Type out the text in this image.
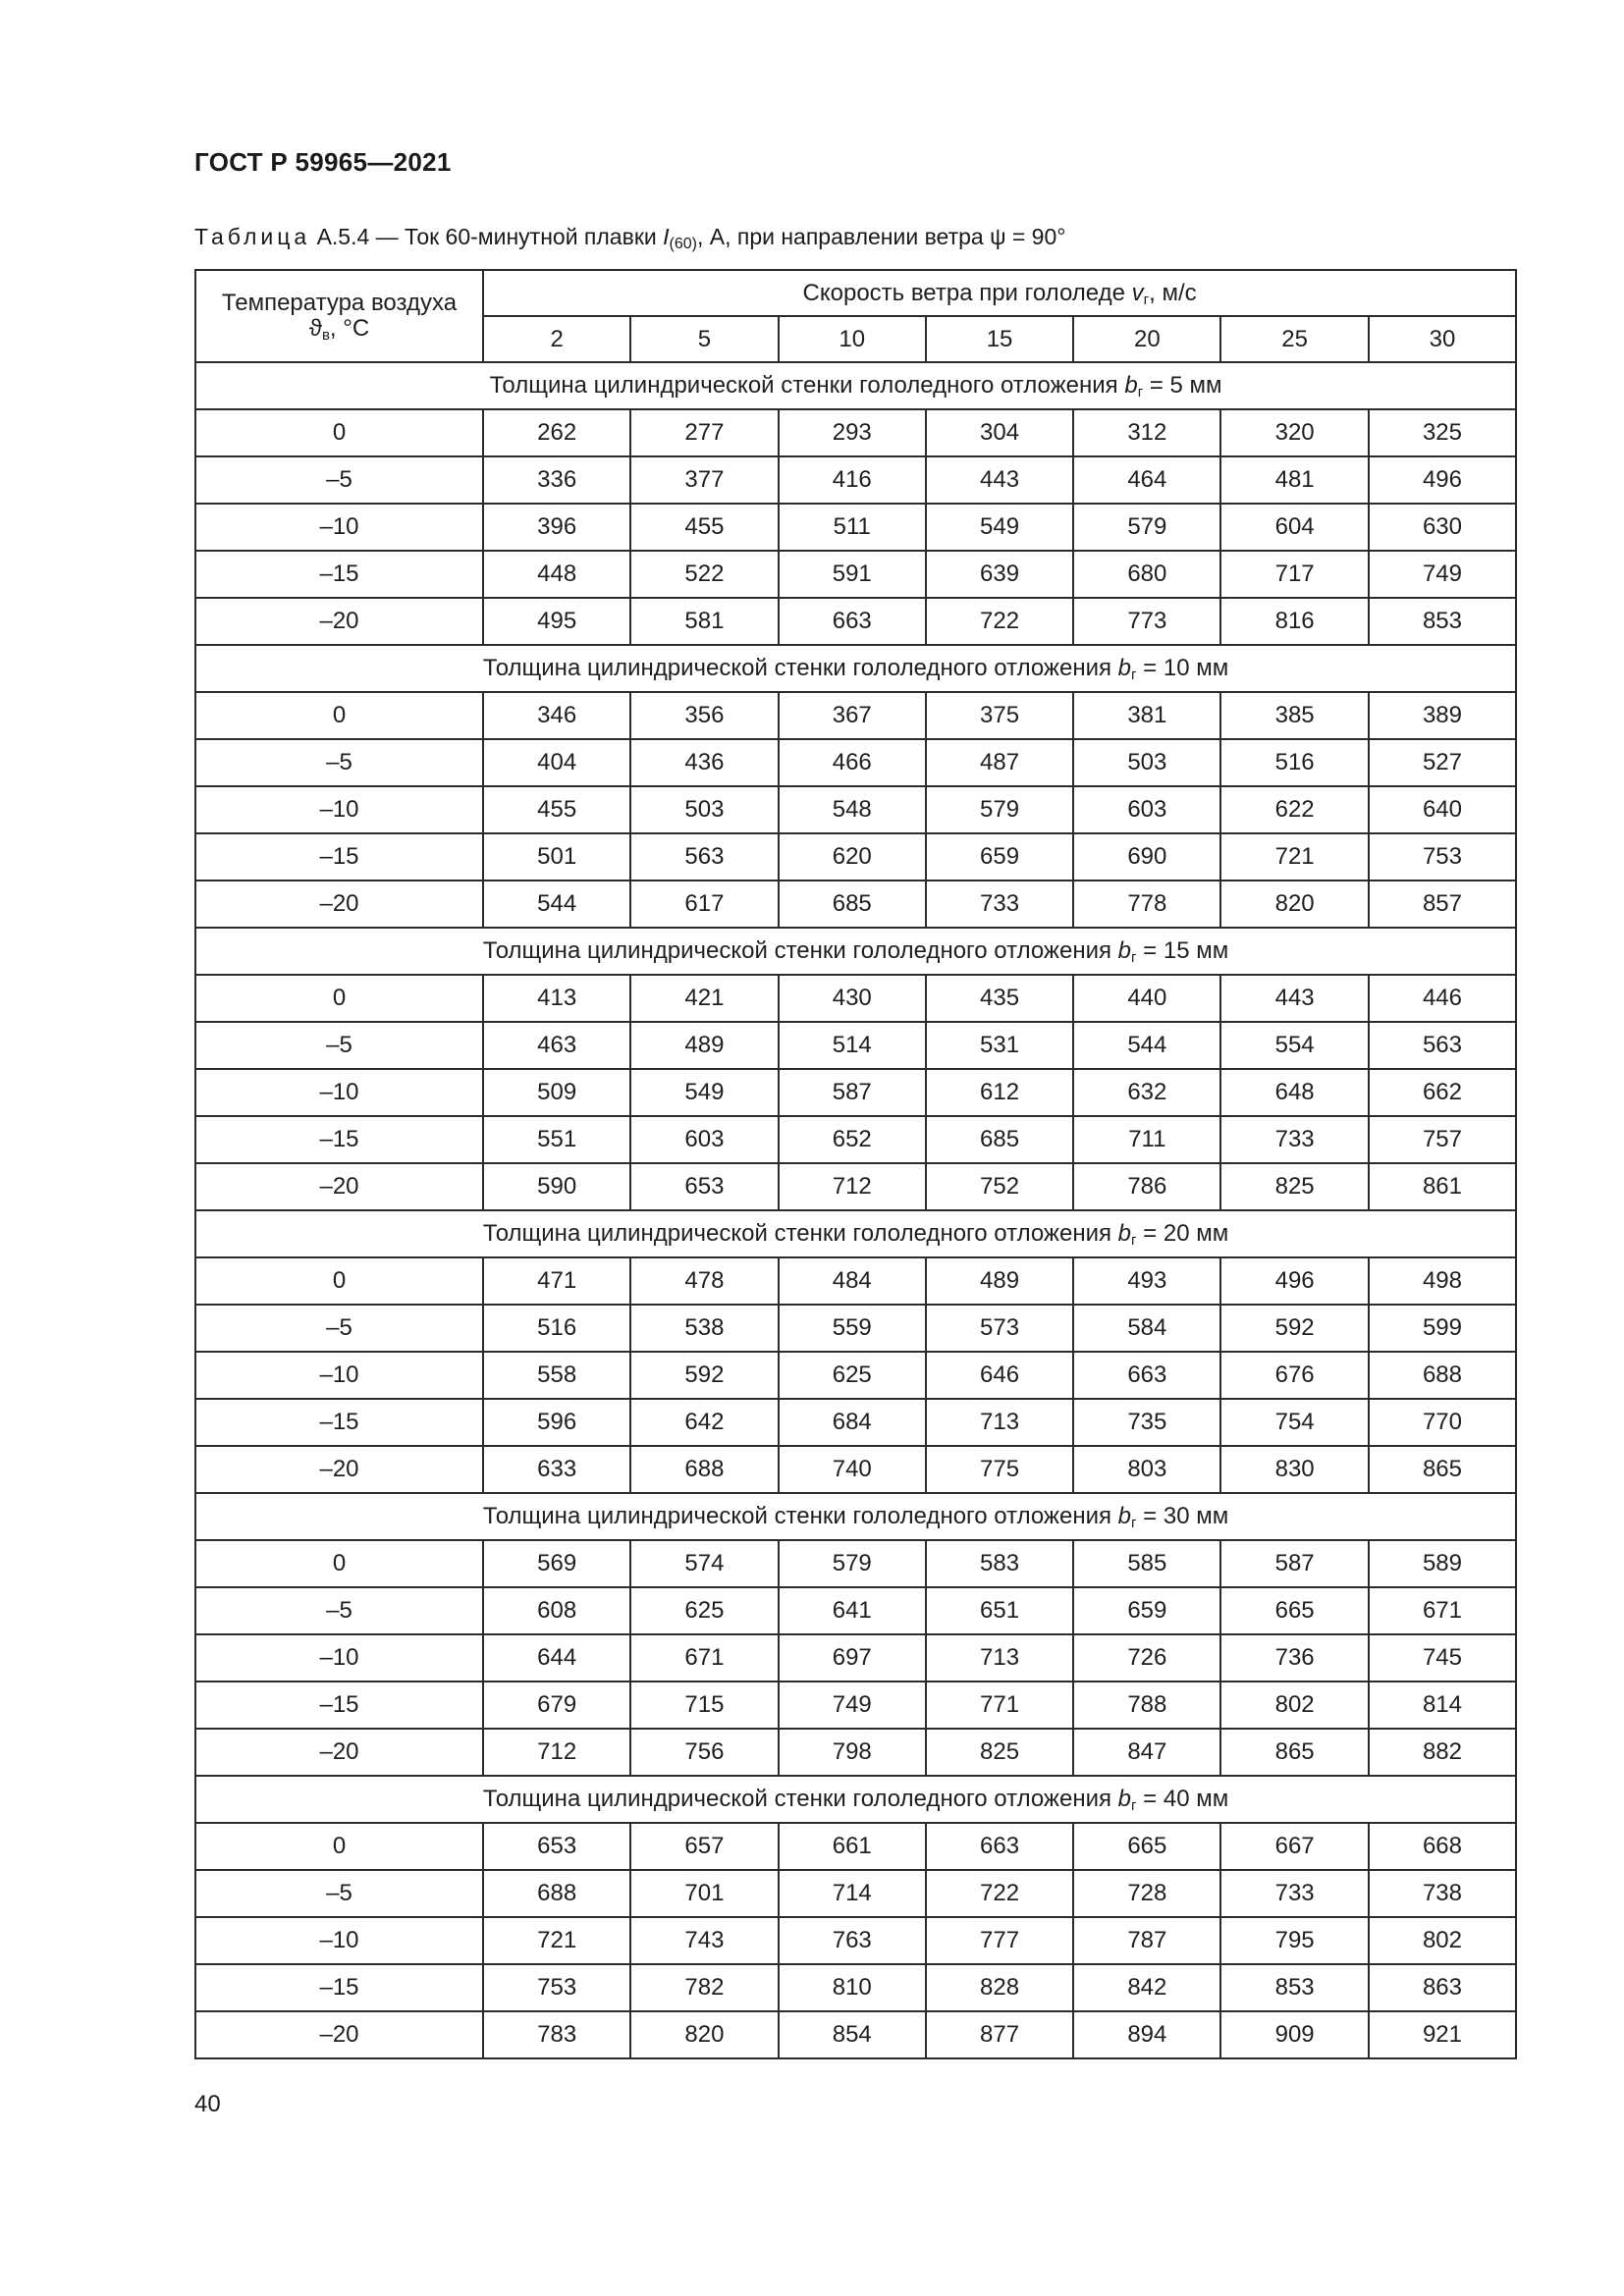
ГОСТ Р 59965—2021
Таблица А.5.4 — Ток 60-минутной плавки $I_{(60)}$, А, при направлении ветра ψ = 90°
Температура воздуха
$ϑ_в$, °С	Скорость ветра при гололеде $v_г$, м/с						
	2	5	10	15	20	25	30
Толщина цилиндрической стенки гололедного отложения $b_г = 5$ мм							
0	262	277	293	304	312	320	325
–5	336	377	416	443	464	481	496
–10	396	455	511	549	579	604	630
–15	448	522	591	639	680	717	749
–20	495	581	663	722	773	816	853
Толщина цилиндрической стенки гололедного отложения $b_г = 10$ мм							
0	346	356	367	375	381	385	389
–5	404	436	466	487	503	516	527
–10	455	503	548	579	603	622	640
–15	501	563	620	659	690	721	753
–20	544	617	685	733	778	820	857
Толщина цилиндрической стенки гололедного отложения $b_г = 15$ мм							
0	413	421	430	435	440	443	446
–5	463	489	514	531	544	554	563
–10	509	549	587	612	632	648	662
–15	551	603	652	685	711	733	757
–20	590	653	712	752	786	825	861
Толщина цилиндрической стенки гололедного отложения $b_г = 20$ мм							
0	471	478	484	489	493	496	498
–5	516	538	559	573	584	592	599
–10	558	592	625	646	663	676	688
–15	596	642	684	713	735	754	770
–20	633	688	740	775	803	830	865
Толщина цилиндрической стенки гололедного отложения $b_г = 30$ мм							
0	569	574	579	583	585	587	589
–5	608	625	641	651	659	665	671
–10	644	671	697	713	726	736	745
–15	679	715	749	771	788	802	814
–20	712	756	798	825	847	865	882
Толщина цилиндрической стенки гололедного отложения $b_г = 40$ мм							
0	653	657	661	663	665	667	668
–5	688	701	714	722	728	733	738
–10	721	743	763	777	787	795	802
–15	753	782	810	828	842	853	863
–20	783	820	854	877	894	909	921
40
